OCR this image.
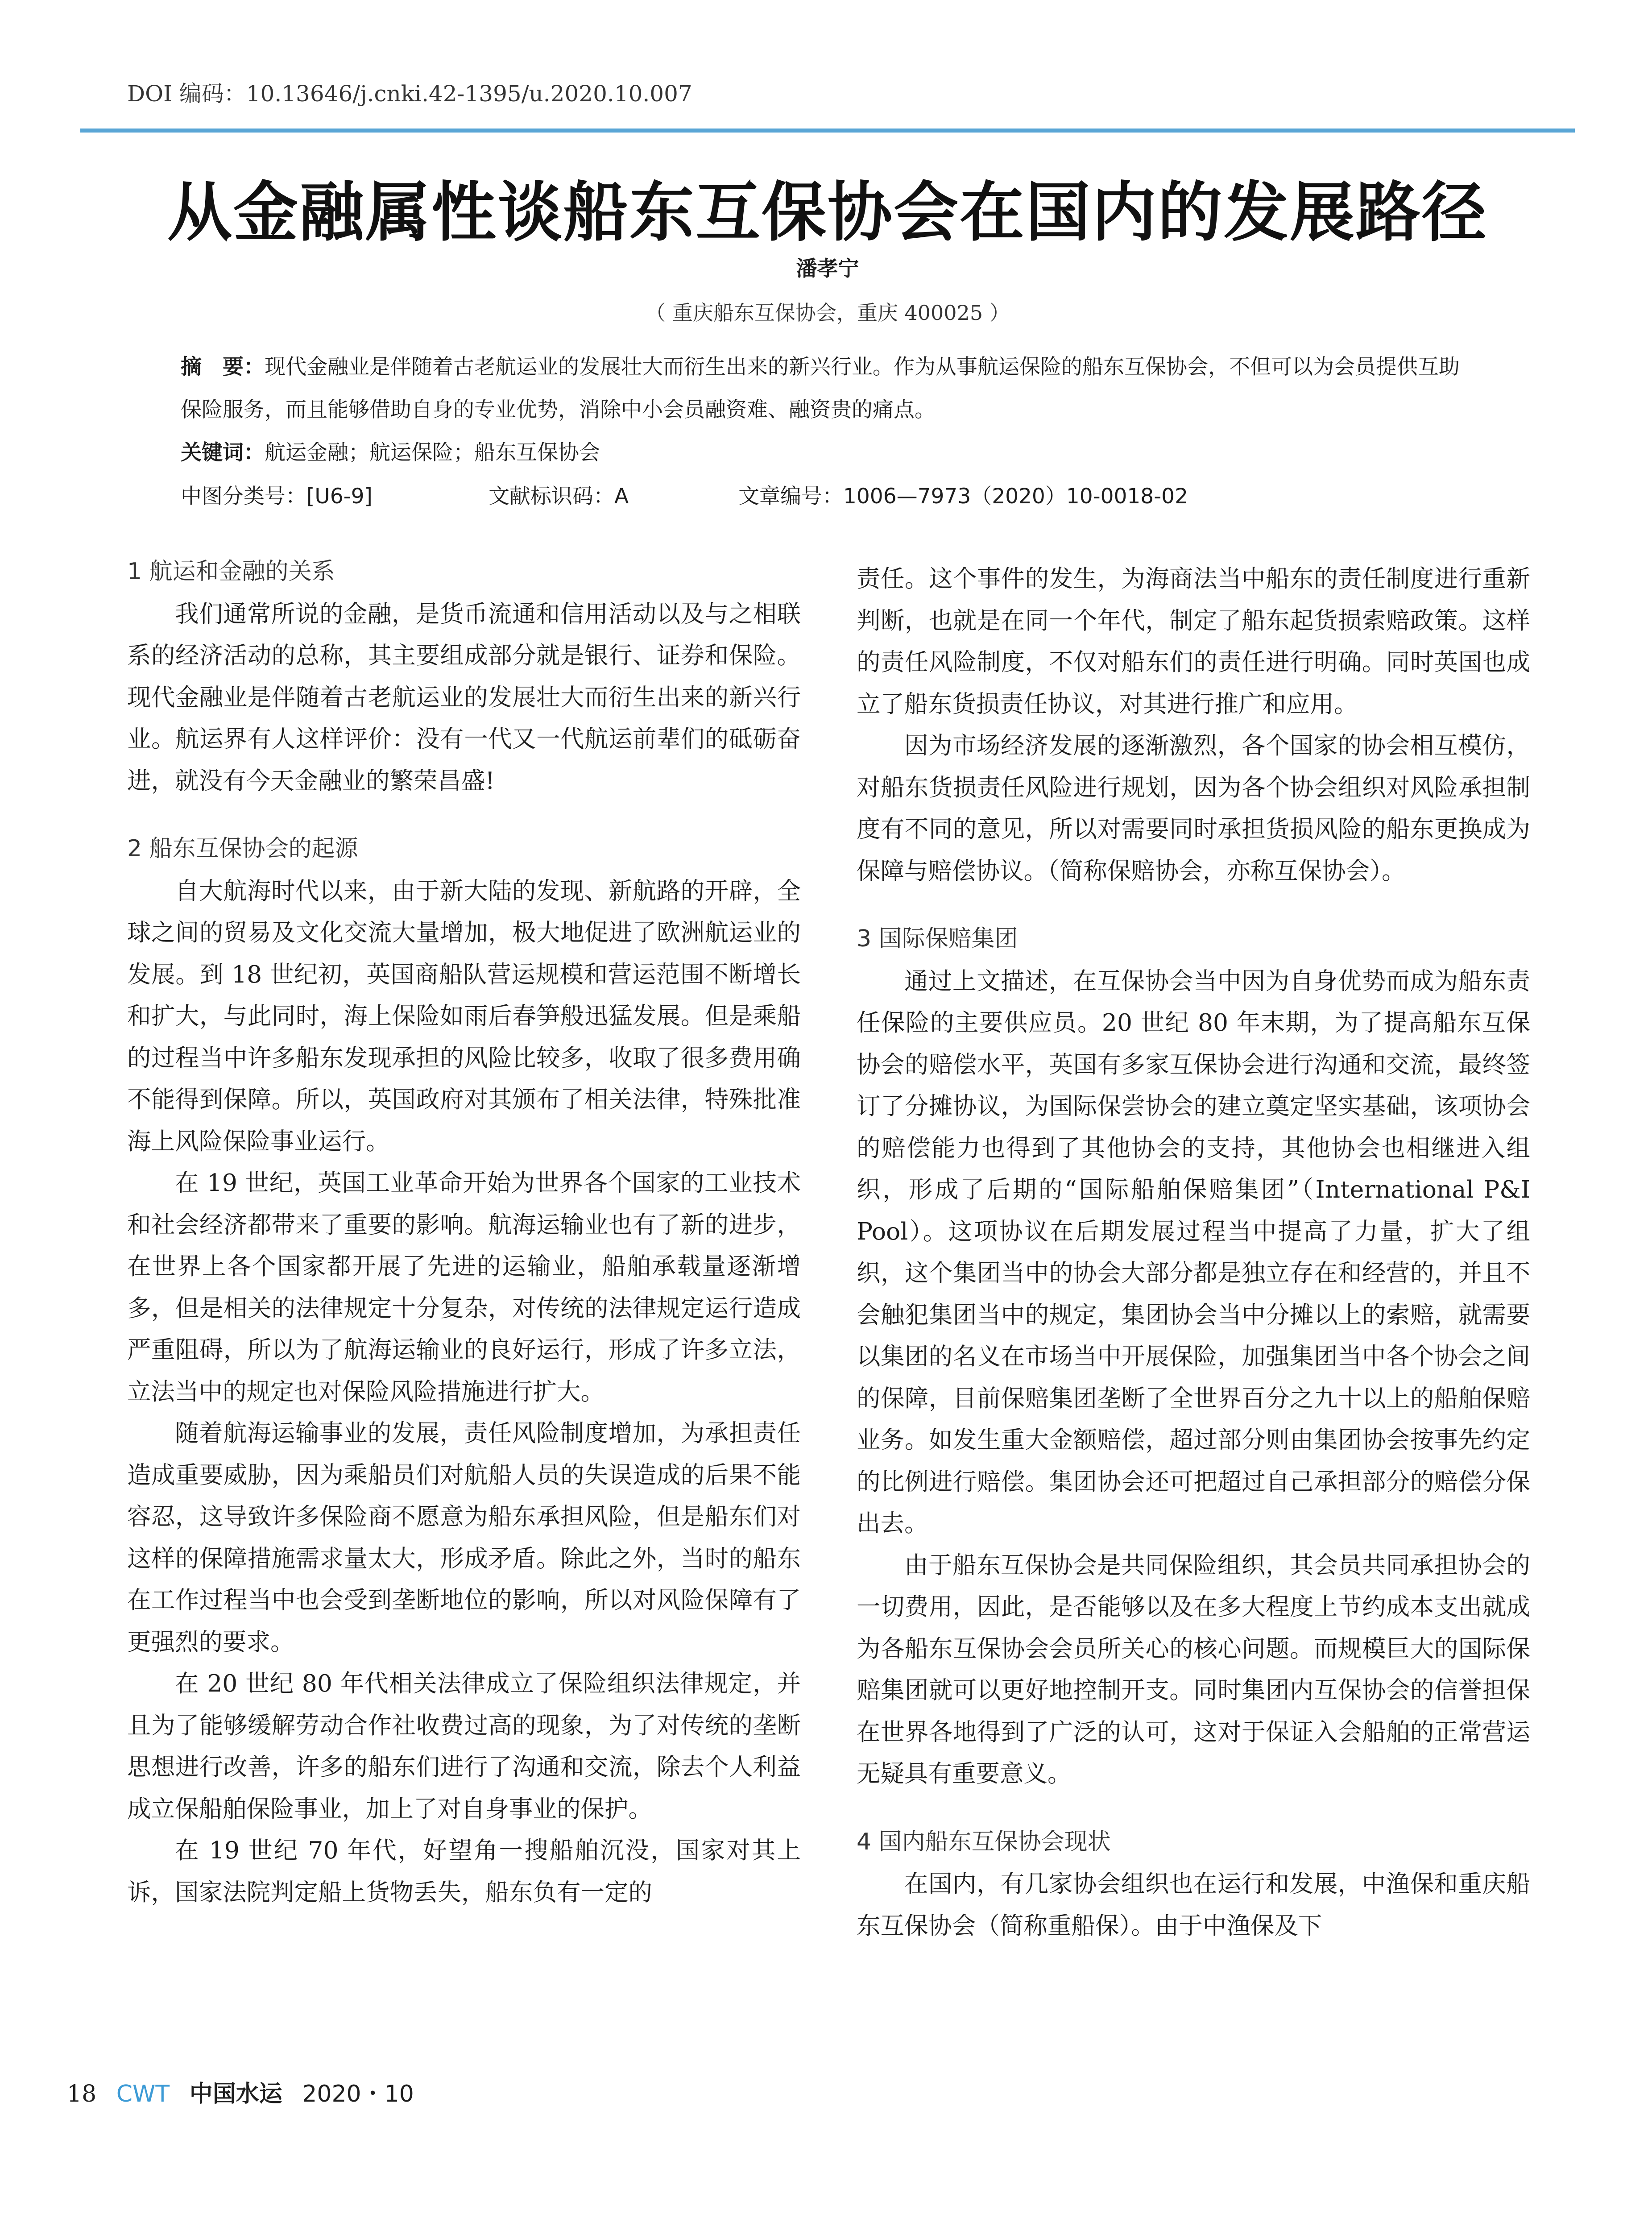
DOI 编码：10.13646/j.cnki.42-1395/u.2020.10.007
从金融属性谈船东互保协会在国内的发展路径
潘孝宁
（ 重庆船东互保协会，重庆 400025 ）
摘　要：现代金融业是伴随着古老航运业的发展壮大而衍生出来的新兴行业。作为从事航运保险的船东互保协会，不但可以为会员提供互助保险服务，而且能够借助自身的专业优势，消除中小会员融资难、融资贵的痛点。
关键词：航运金融；航运保险；船东互保协会
中图分类号：[U6-9]	文献标识码：A	文章编号：1006—7973（2020）10-0018-02
1 航运和金融的关系

我们通常所说的金融，是货币流通和信用活动以及与之相联系的经济活动的总称，其主要组成部分就是银行、证券和保险。现代金融业是伴随着古老航运业的发展壮大而衍生出来的新兴行业。航运界有人这样评价：没有一代又一代航运前辈们的砥砺奋进，就没有今天金融业的繁荣昌盛!

2 船东互保协会的起源

自大航海时代以来，由于新大陆的发现、新航路的开辟，全球之间的贸易及文化交流大量增加，极大地促进了欧洲航运业的发展。到 18 世纪初，英国商船队营运规模和营运范围不断增长和扩大，与此同时，海上保险如雨后春笋般迅猛发展。但是乘船的过程当中许多船东发现承担的风险比较多，收取了很多费用确不能得到保障。所以，英国政府对其颁布了相关法律，特殊批准海上风险保险事业运行。

在 19 世纪，英国工业革命开始为世界各个国家的工业技术和社会经济都带来了重要的影响。航海运输业也有了新的进步，在世界上各个国家都开展了先进的运输业，船舶承载量逐渐增多，但是相关的法律规定十分复杂，对传统的法律规定运行造成严重阻碍，所以为了航海运输业的良好运行，形成了许多立法，立法当中的规定也对保险风险措施进行扩大。

随着航海运输事业的发展，责任风险制度增加，为承担责任造成重要威胁，因为乘船员们对航船人员的失误造成的后果不能容忍，这导致许多保险商不愿意为船东承担风险，但是船东们对这样的保障措施需求量太大，形成矛盾。除此之外，当时的船东在工作过程当中也会受到垄断地位的影响，所以对风险保障有了更强烈的要求。

在 20 世纪 80 年代相关法律成立了保险组织法律规定，并且为了能够缓解劳动合作社收费过高的现象，为了对传统的垄断思想进行改善，许多的船东们进行了沟通和交流，除去个人利益成立保船舶保险事业，加上了对自身事业的保护。

在 19 世纪 70 年代，好望角一搜船舶沉没，国家对其上诉，国家法院判定船上货物丢失，船东负有一定的

责任。这个事件的发生，为海商法当中船东的责任制度进行重新判断，也就是在同一个年代，制定了船东起货损索赔政策。这样的责任风险制度，不仅对船东们的责任进行明确。同时英国也成立了船东货损责任协议，对其进行推广和应用。

因为市场经济发展的逐渐激烈，各个国家的协会相互模仿，对船东货损责任风险进行规划，因为各个协会组织对风险承担制度有不同的意见，所以对需要同时承担货损风险的船东更换成为保障与赔偿协议。（简称保赔协会，亦称互保协会）。

3 国际保赔集团

通过上文描述，在互保协会当中因为自身优势而成为船东责任保险的主要供应员。20 世纪 80 年末期，为了提高船东互保协会的赔偿水平，英国有多家互保协会进行沟通和交流，最终签订了分摊协议，为国际保尝协会的建立奠定坚实基础，该项协会的赔偿能力也得到了其他协会的支持，其他协会也相继进入组织，形成了后期的“国际船舶保赔集团”（International P&I Pool）。这项协议在后期发展过程当中提高了力量，扩大了组织，这个集团当中的协会大部分都是独立存在和经营的，并且不会触犯集团当中的规定，集团协会当中分摊以上的索赔，就需要以集团的名义在市场当中开展保险，加强集团当中各个协会之间的保障，目前保赔集团垄断了全世界百分之九十以上的船舶保赔业务。如发生重大金额赔偿，超过部分则由集团协会按事先约定的比例进行赔偿。集团协会还可把超过自己承担部分的赔偿分保出去。

由于船东互保协会是共同保险组织，其会员共同承担协会的一切费用，因此，是否能够以及在多大程度上节约成本支出就成为各船东互保协会会员所关心的核心问题。而规模巨大的国际保赔集团就可以更好地控制开支。同时集团内互保协会的信誉担保在世界各地得到了广泛的认可，这对于保证入会船舶的正常营运无疑具有重要意义。

4 国内船东互保协会现状

在国内，有几家协会组织也在运行和发展，中渔保和重庆船东互保协会（简称重船保）。由于中渔保及下

18 CWT 中国水运 2020・10
